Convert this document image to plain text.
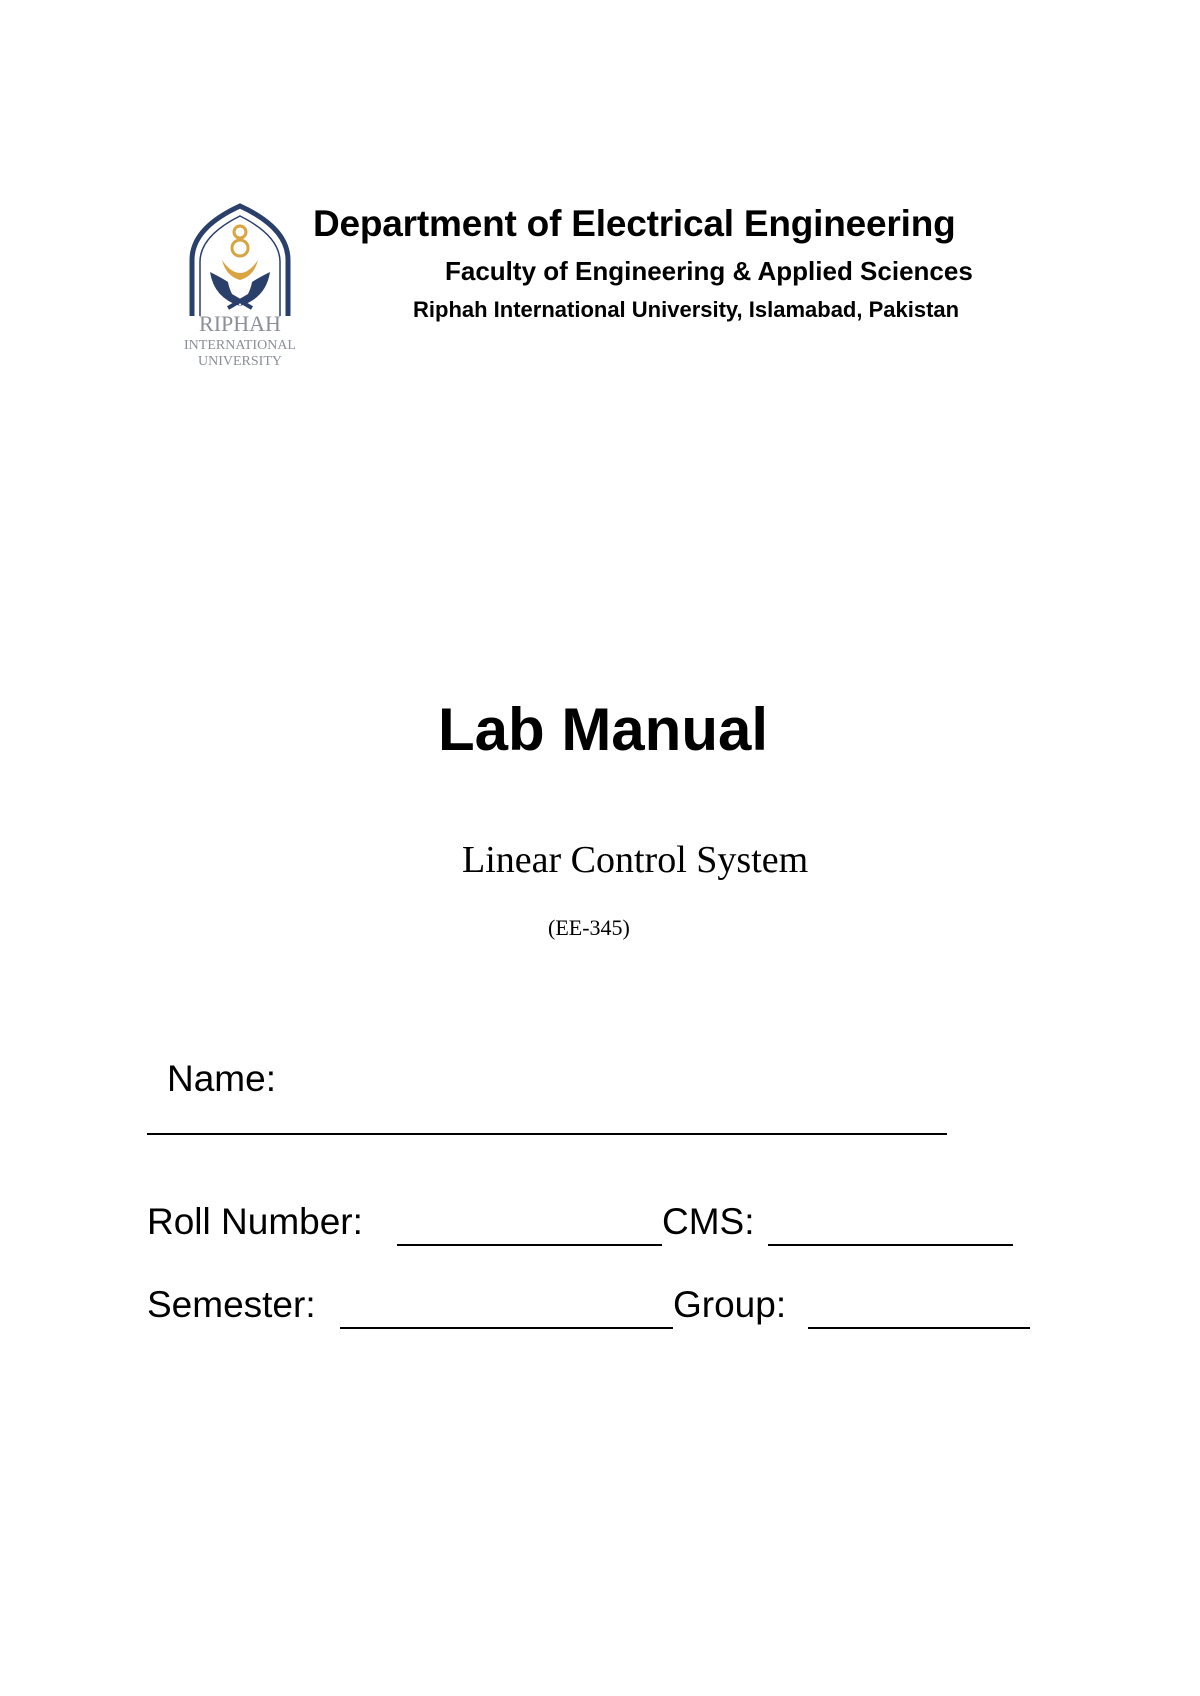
RIPHAH
INTERNATIONAL
UNIVERSITY
Department of Electrical Engineering
Faculty of Engineering & Applied Sciences
Riphah International University, Islamabad, Pakistan
Lab Manual
Linear Control System
(EE-345)
Name:
Roll Number:	CMS:
Semester:	Group:
